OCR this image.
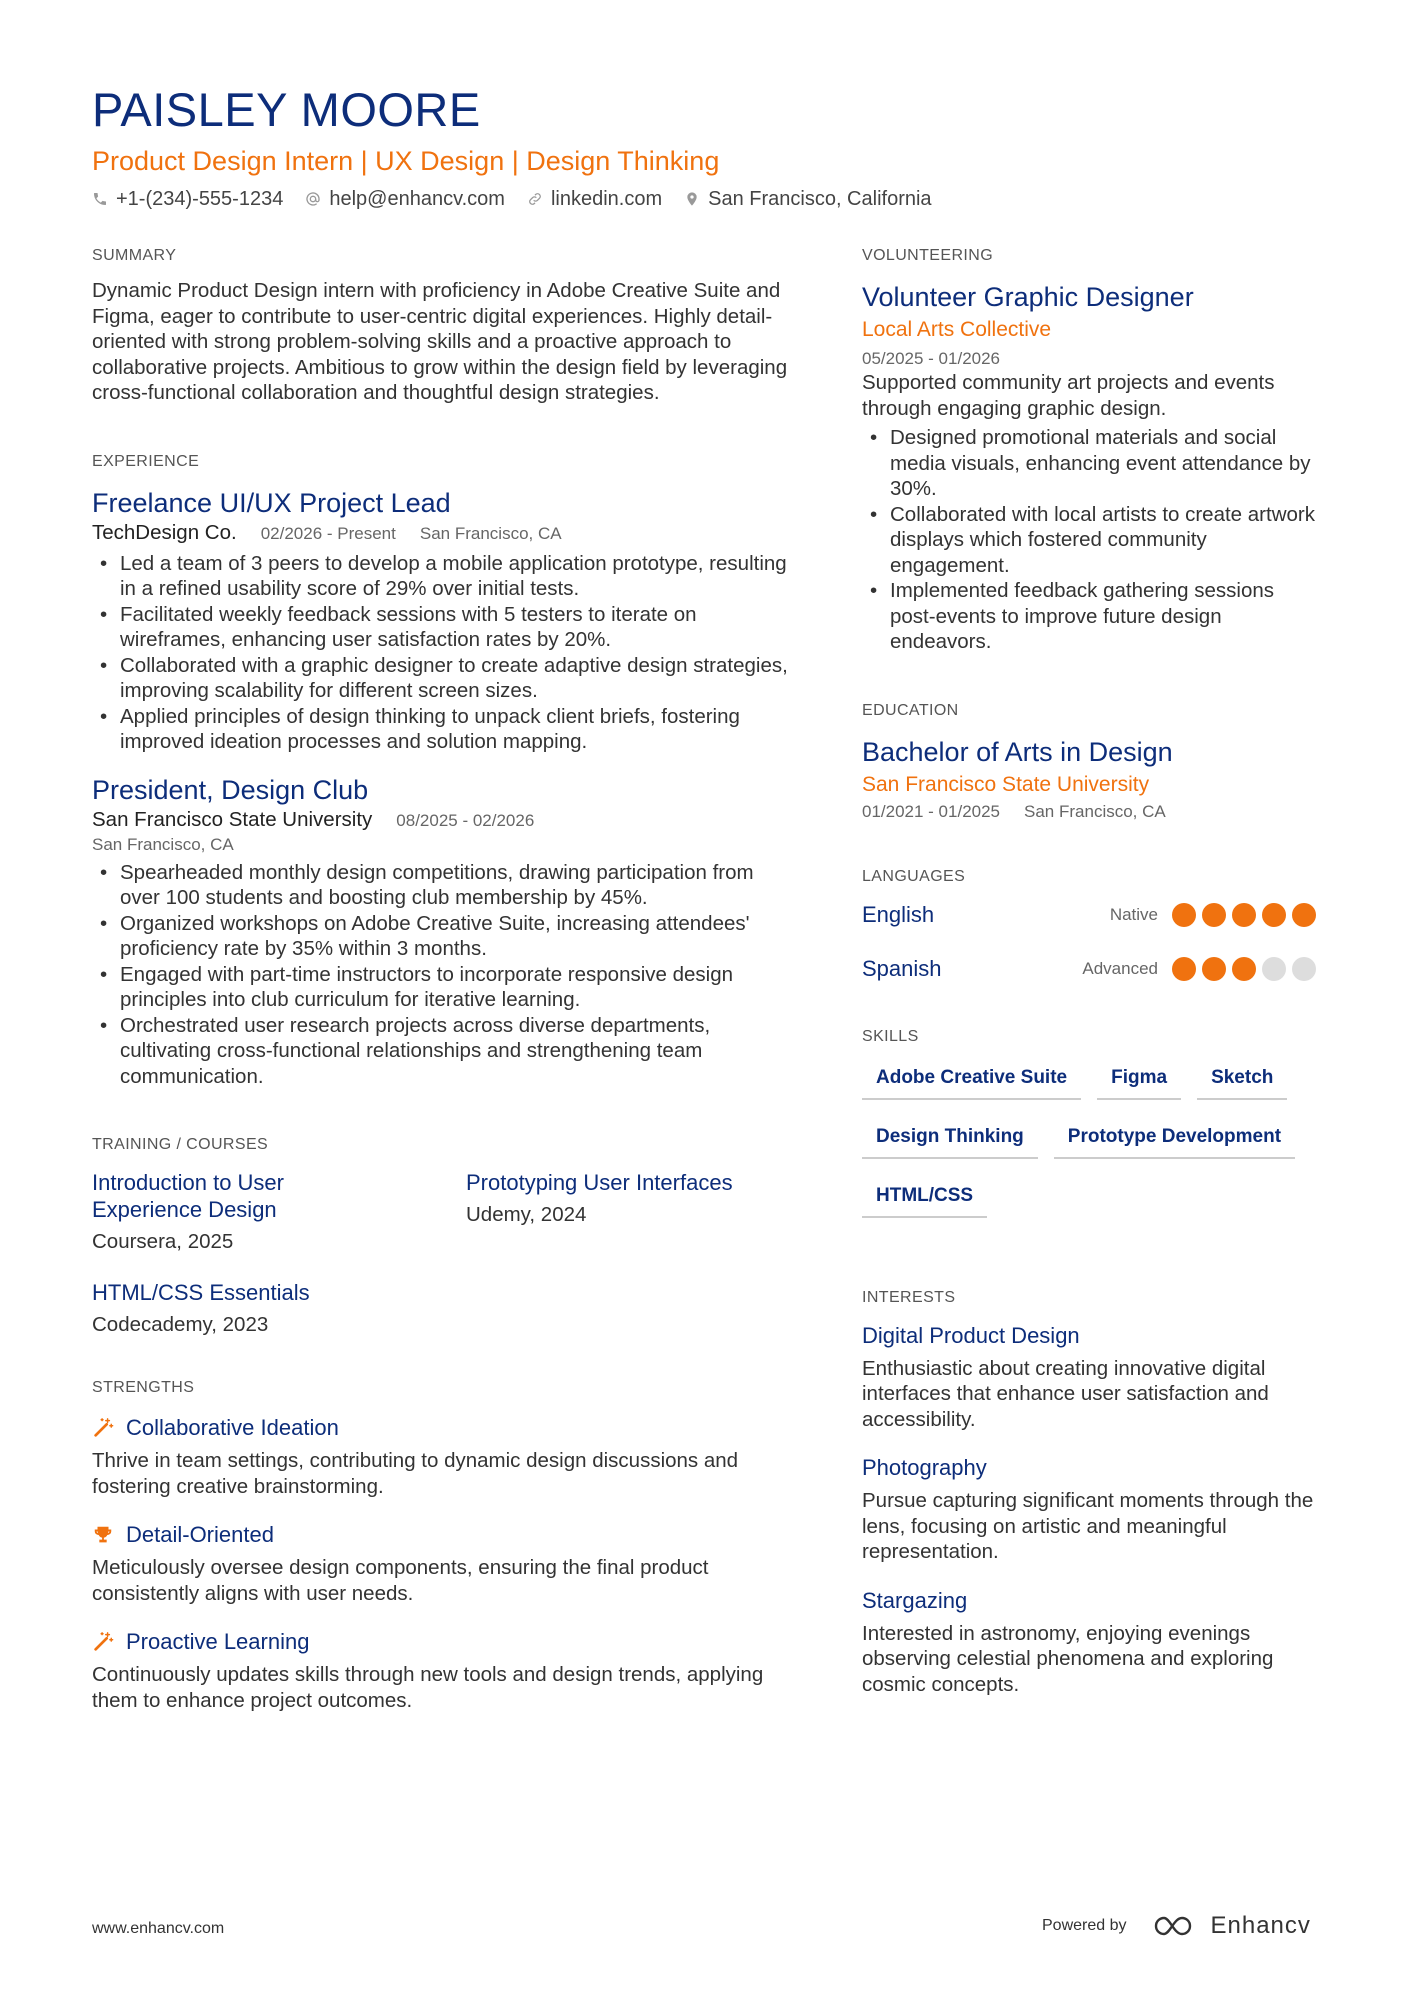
PAISLEY MOORE
Product Design Intern | UX Design | Design Thinking
+1-(234)-555-1234 help@enhancv.com linkedin.com San Francisco, California
SUMMARY
Dynamic Product Design intern with proficiency in Adobe Creative Suite and Figma, eager to contribute to user-centric digital experiences. Highly detail-oriented with strong problem-solving skills and a proactive approach to collaborative projects. Ambitious to grow within the design field by leveraging cross-functional collaboration and thoughtful design strategies.
EXPERIENCE
Freelance UI/UX Project Lead
TechDesign Co. 02/2026 - Present San Francisco, CA
• Led a team of 3 peers to develop a mobile application prototype, resulting in a refined usability score of 29% over initial tests.
• Facilitated weekly feedback sessions with 5 testers to iterate on wireframes, enhancing user satisfaction rates by 20%.
• Collaborated with a graphic designer to create adaptive design strategies, improving scalability for different screen sizes.
• Applied principles of design thinking to unpack client briefs, fostering improved ideation processes and solution mapping.
President, Design Club
San Francisco State University 08/2025 - 02/2026
San Francisco, CA
• Spearheaded monthly design competitions, drawing participation from over 100 students and boosting club membership by 45%.
• Organized workshops on Adobe Creative Suite, increasing attendees' proficiency rate by 35% within 3 months.
• Engaged with part-time instructors to incorporate responsive design principles into club curriculum for iterative learning.
• Orchestrated user research projects across diverse departments, cultivating cross-functional relationships and strengthening team communication.
TRAINING / COURSES
Introduction to User Experience Design
Coursera, 2025
Prototyping User Interfaces
Udemy, 2024
HTML/CSS Essentials
Codecademy, 2023
STRENGTHS
Collaborative Ideation
Thrive in team settings, contributing to dynamic design discussions and fostering creative brainstorming.
Detail-Oriented
Meticulously oversee design components, ensuring the final product consistently aligns with user needs.
Proactive Learning
Continuously updates skills through new tools and design trends, applying them to enhance project outcomes.
VOLUNTEERING
Volunteer Graphic Designer
Local Arts Collective
05/2025 - 01/2026
Supported community art projects and events through engaging graphic design.
• Designed promotional materials and social media visuals, enhancing event attendance by 30%.
• Collaborated with local artists to create artwork displays which fostered community engagement.
• Implemented feedback gathering sessions post-events to improve future design endeavors.
EDUCATION
Bachelor of Arts in Design
San Francisco State University
01/2021 - 01/2025 San Francisco, CA
LANGUAGES
English	Native
Spanish	Advanced
SKILLS
Adobe Creative Suite	Figma	Sketch
Design Thinking	Prototype Development
HTML/CSS
INTERESTS
Digital Product Design
Enthusiastic about creating innovative digital interfaces that enhance user satisfaction and accessibility.
Photography
Pursue capturing significant moments through the lens, focusing on artistic and meaningful representation.
Stargazing
Interested in astronomy, enjoying evenings observing celestial phenomena and exploring cosmic concepts.
www.enhancv.com	Powered by	Enhancv
